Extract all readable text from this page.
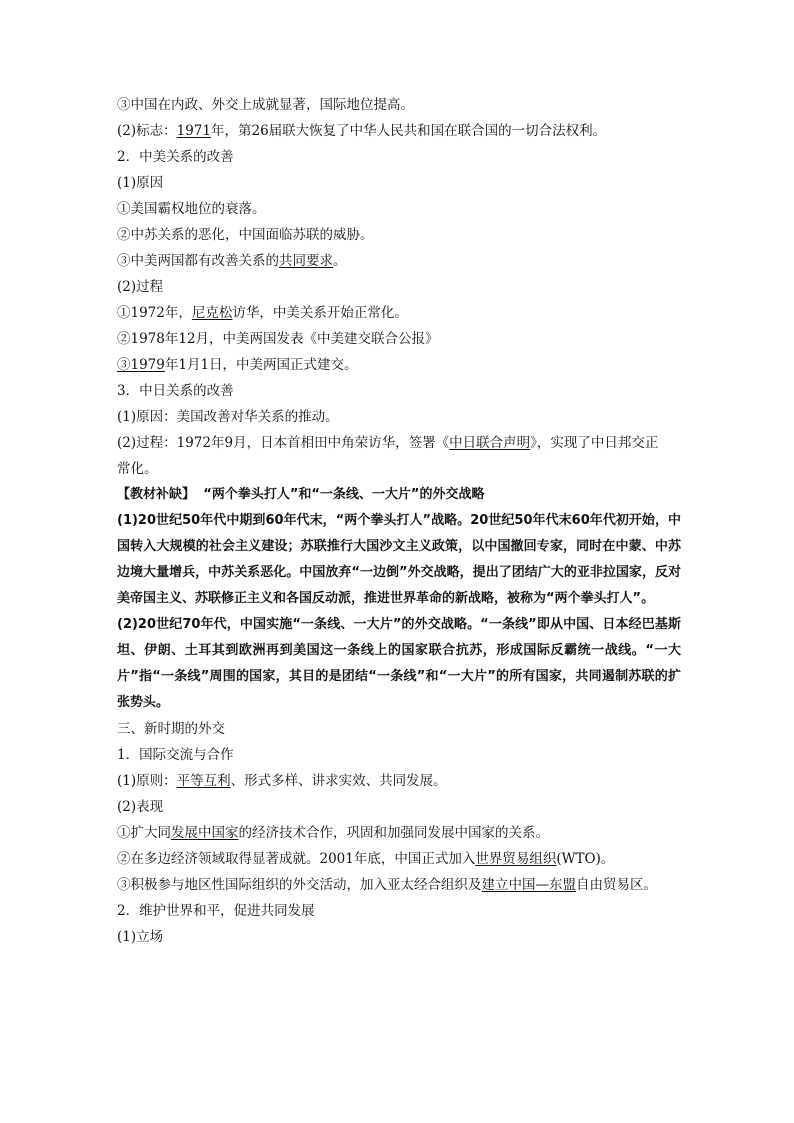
③中国在内政、外交上成就显著，国际地位提高。
(2)标志：1971年，第26届联大恢复了中华人民共和国在联合国的一切合法权利。
2．中美关系的改善
(1)原因
①美国霸权地位的衰落。
②中苏关系的恶化，中国面临苏联的威胁。
③中美两国都有改善关系的共同要求。
(2)过程
①1972年，尼克松访华，中美关系开始正常化。
②1978年12月，中美两国发表《中美建交联合公报》
③1979年1月1日，中美两国正式建交。
3．中日关系的改善
(1)原因：美国改善对华关系的推动。
(2)过程：1972年9月，日本首相田中角荣访华，签署《中日联合声明》，实现了中日邦交正
常化。
【教材补缺】 “两个拳头打人”和“一条线、一大片”的外交战略
(1)20世纪50年代中期到60年代末，“两个拳头打人”战略。20世纪50年代末60年代初开始，中国转入大规模的社会主义建设；苏联推行大国沙文主义政策，以中国撤回专家，同时在中蒙、中苏边境大量增兵，中苏关系恶化。中国放弃“一边倒”外交战略，提出了团结广大的亚非拉国家，反对美帝国主义、苏联修正主义和各国反动派，推进世界革命的新战略，被称为“两个拳头打人”。
(2)20世纪70年代，中国实施“一条线、一大片”的外交战略。“一条线”即从中国、日本经巴基斯坦、伊朗、土耳其到欧洲再到美国这一条线上的国家联合抗苏，形成国际反霸统一战线。“一大片”指“一条线”周围的国家，其目的是团结“一条线”和“一大片”的所有国家，共同遏制苏联的扩张势头。
三、新时期的外交
1．国际交流与合作
(1)原则：平等互利、形式多样、讲求实效、共同发展。
(2)表现
①扩大同发展中国家的经济技术合作，巩固和加强同发展中国家的关系。
②在多边经济领域取得显著成就。2001年底，中国正式加入世界贸易组织(WTO)。
③积极参与地区性国际组织的外交活动，加入亚太经合组织及建立中国—东盟自由贸易区。
2．维护世界和平，促进共同发展
(1)立场
